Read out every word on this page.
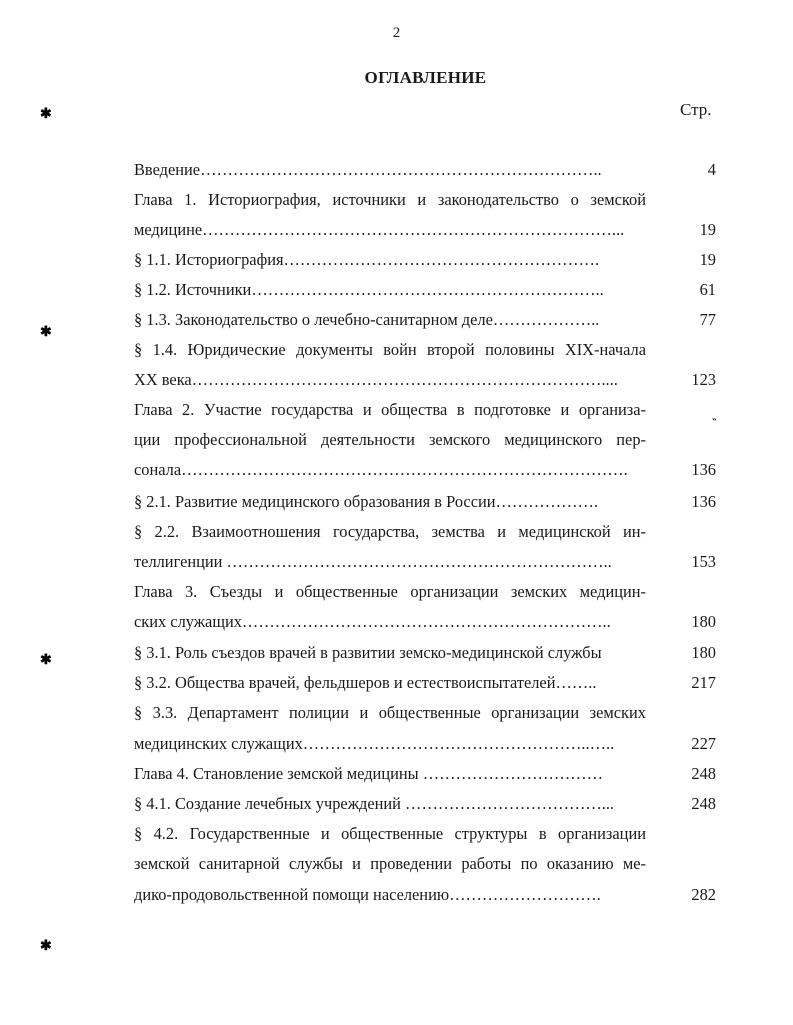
2
ОГЛАВЛЕНИЕ
Стр.
Введение………………………………………………………………..	4
Глава 1. Историография, источники и законодательство о земской
медицине…………………………………………………………………...	19
§ 1.1. Историография………………………………………………….	19
§ 1.2. Источники………………………………………………………..	61
§ 1.3. Законодательство о лечебно-санитарном деле………………..	77
§ 1.4. Юридические документы войн второй половины XIX-начала
XX века…………………………………………………………………....	123
Глава 2. Участие государства и общества в подготовке и организа-
ции профессиональной деятельности земского медицинского пер-
сонала……………………………………………………………………….	136
§ 2.1. Развитие медицинского образования в России……………….	136
§ 2.2. Взаимоотношения государства, земства и медицинской ин-
теллигенции ……………………………………………………………..	153
Глава 3. Съезды и общественные организации земских медицин-
ских служащих…………………………………………………………..	180
§ 3.1. Роль съездов врачей в развитии земско-медицинской службы	180
§ 3.2. Общества врачей, фельдшеров и естествоиспытателей……..	217
§ 3.3. Департамент полиции и общественные организации земских
медицинских служащих……………………………………………..…..	227
Глава 4. Становление земской медицины ……………………………	248
§ 4.1. Создание лечебных учреждений ………………………………...	248
§ 4.2. Государственные и общественные структуры в организации
земской санитарной службы и проведении работы по оказанию ме-
дико-продовольственной помощи населению……………………….	282
✱
✱
✱
✱
‶
